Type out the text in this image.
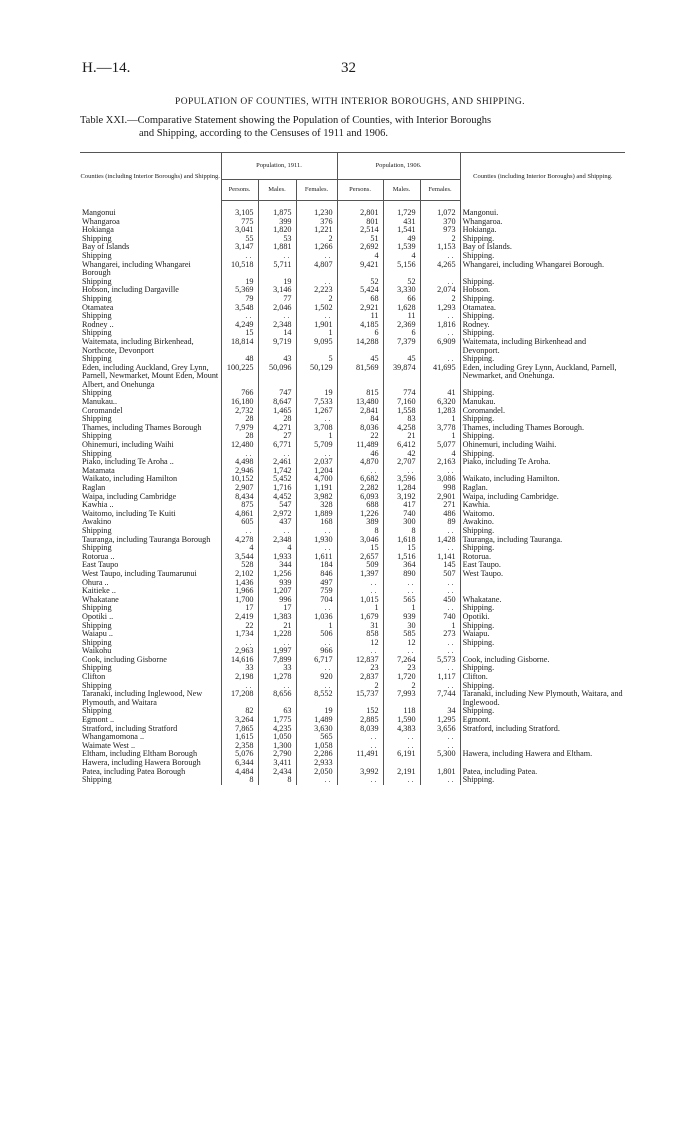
H.—14.	32
POPULATION OF COUNTIES, WITH INTERIOR BOROUGHS, AND SHIPPING.
Table XXI.—Comparative Statement showing the Population of Counties, with Interior Boroughs
and Shipping, according to the Censuses of 1911 and 1906.
Counties (including Interior Boroughs) and Shipping.	Population, 1911.			Population, 1906.			Counties (including Interior Boroughs) and Shipping.
	Persons.	Males.	Females.	Persons.	Males.	Females.	

Mangonui	3,105	1,875	1,230	2,801	1,729	1,072	Mangonui.
Whangaroa	775	399	376	801	431	370	Whangaroa.
Hokianga	3,041	1,820	1,221	2,514	1,541	973	Hokianga.
Shipping	55	53	2	51	49	2	Shipping.
Bay of Islands	3,147	1,881	1,266	2,692	1,539	1,153	Bay of Islands.
Shipping	..	..	..	4	4	..	Shipping.
Whangarei, including Whangarei Borough	10,518	5,711	4,807	9,421	5,156	4,265	Whangarei, including Whangarei Borough.
Shipping	19	19	..	52	52	..	Shipping.
Hobson, including Dargaville	5,369	3,146	2,223	5,424	3,330	2,074	Hobson.
Shipping	79	77	2	68	66	2	Shipping.
Otamatea	3,548	2,046	1,502	2,921	1,628	1,293	Otamatea.
Shipping	..	..	..	11	11	..	Shipping.
Rodney ..	4,249	2,348	1,901	4,185	2,369	1,816	Rodney.
Shipping	15	14	1	6	6	..	Shipping.
Waitemata, including Birkenhead, Northcote, Devonport	18,814	9,719	9,095	14,288	7,379	6,909	Waitemata, including Birkenhead and Devonport.
Shipping	48	43	5	45	45	..	Shipping.
Eden, including Auckland, Grey Lynn, Parnell, Newmarket, Mount Eden, Mount Albert, and Onehunga	100,225	50,096	50,129	81,569	39,874	41,695	Eden, including Grey Lynn, Auckland, Parnell, Newmarket, and Onehunga.
Shipping	766	747	19	815	774	41	Shipping.
Manukau..	16,180	8,647	7,533	13,480	7,160	6,320	Manukau.
Coromandel	2,732	1,465	1,267	2,841	1,558	1,283	Coromandel.
Shipping	28	28	..	84	83	1	Shipping.
Thames, including Thames Borough	7,979	4,271	3,708	8,036	4,258	3,778	Thames, including Thames Borough.
Shipping	28	27	1	22	21	1	Shipping.
Ohinemuri, including Waihi	12,480	6,771	5,709	11,489	6,412	5,077	Ohinemuri, including Waihi.
Shipping	..	..	..	46	42	4	Shipping.
Piako, including Te Aroha ..	4,498	2,461	2,037	4,870	2,707	2,163	Piako, including Te Aroha.
Matamata	2,946	1,742	1,204	..	..	..	
Waikato, including Hamilton	10,152	5,452	4,700	6,682	3,596	3,086	Waikato, including Hamilton.
Raglan	2,907	1,716	1,191	2,282	1,284	998	Raglan.
Waipa, including Cambridge	8,434	4,452	3,982	6,093	3,192	2,901	Waipa, including Cambridge.
Kawhia ..	875	547	328	688	417	271	Kawhia.
Waitomo, including Te Kuiti	4,861	2,972	1,889	1,226	740	486	Waitomo.
Awakino	605	437	168	389	300	89	Awakino.
Shipping	..	..	..	8	8	..	Shipping.
Tauranga, including Tauranga Borough	4,278	2,348	1,930	3,046	1,618	1,428	Tauranga, including Tauranga.
Shipping	4	4	..	15	15	..	Shipping.
Rotorua ..	3,544	1,933	1,611	2,657	1,516	1,141	Rotorua.
East Taupo	528	344	184	509	364	145	East Taupo.
West Taupo, including Taumarunui	2,102	1,256	846	1,397	890	507	West Taupo.
Ohura ..	1,436	939	497	..	..	..	
Kaitieke ..	1,966	1,207	759	..	..	..	
Whakatane	1,700	996	704	1,015	565	450	Whakatane.
Shipping	17	17	..	1	1	..	Shipping.
Opotiki ..	2,419	1,383	1,036	1,679	939	740	Opotiki.
Shipping	22	21	1	31	30	1	Shipping.
Waiapu ..	1,734	1,228	506	858	585	273	Waiapu.
Shipping	..	..	..	12	12	..	Shipping.
Waikohu	2,963	1,997	966	..	..	..	
Cook, including Gisborne	14,616	7,899	6,717	12,837	7,264	5,573	Cook, including Gisborne.
Shipping	33	33	..	23	23	..	Shipping.
Clifton	2,198	1,278	920	2,837	1,720	1,117	Clifton.
Shipping	..	..	..	2	2	..	Shipping.
Taranaki, including Inglewood, New Plymouth, and Waitara	17,208	8,656	8,552	15,737	7,993	7,744	Taranaki, including New Plymouth, Waitara, and Inglewood.
Shipping	82	63	19	152	118	34	Shipping.
Egmont ..	3,264	1,775	1,489	2,885	1,590	1,295	Egmont.
Stratford, including Stratford	7,865	4,235	3,630	8,039	4,383	3,656	Stratford, including Stratford.
Whangamomona ..	1,615	1,050	565	..	..	..	
Waimate West ..	2,358	1,300	1,058	..	..	..	
Eltham, including Eltham Borough	5,076	2,790	2,286	11,491	6,191	5,300	Hawera, including Hawera and Eltham.
Hawera, including Hawera Borough	6,344	3,411	2,933				
Patea, including Patea Borough	4,484	2,434	2,050	3,992	2,191	1,801	Patea, including Patea.
Shipping	8	8	..	..	..	..	Shipping.
